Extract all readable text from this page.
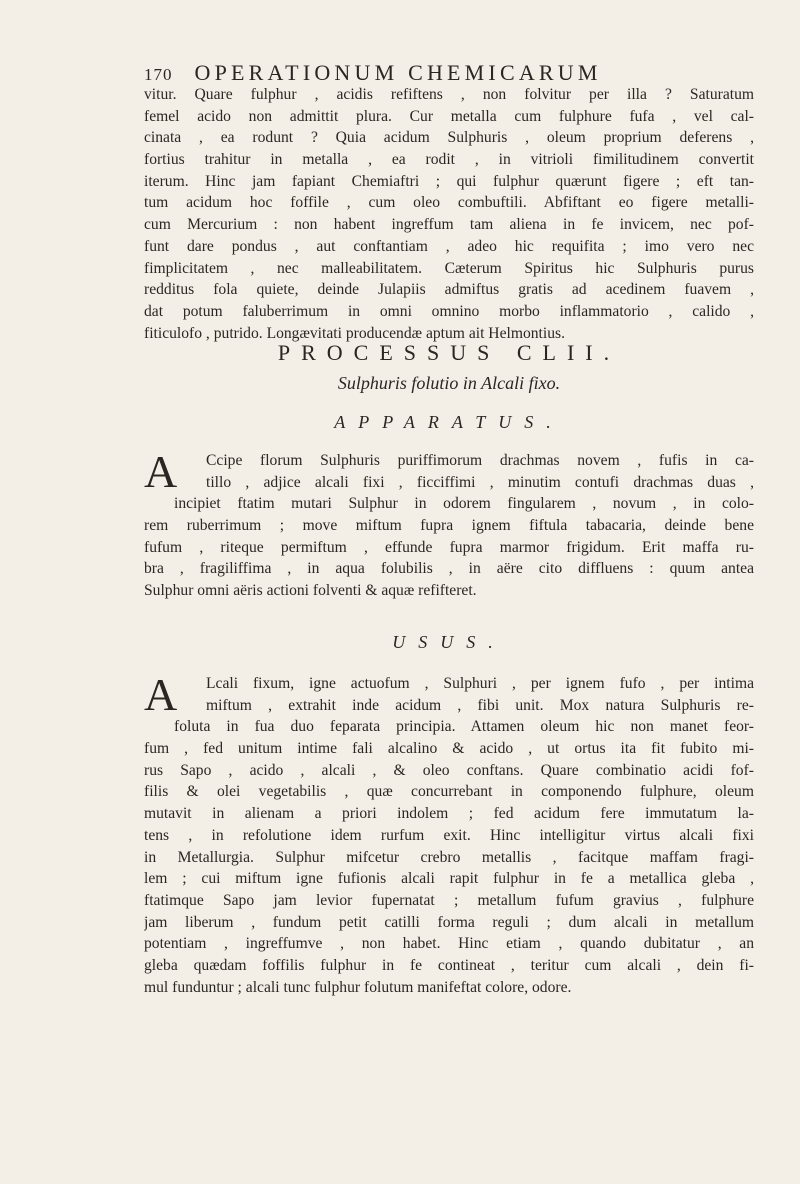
170 OPERATIONUM CHEMICARUM
vitur. Quare fulphur , acidis refiftens , non folvitur per illa ? Saturatum
femel acido non admittit plura. Cur metalla cum fulphure fufa , vel cal-
cinata , ea rodunt ? Quia acidum Sulphuris , oleum proprium deferens ,
fortius trahitur in metalla , ea rodit , in vitrioli fimilitudinem convertit
iterum. Hinc jam fapiant Chemiaftri ; qui fulphur quærunt figere ; eft tan-
tum acidum hoc foffile , cum oleo combuftili. Abfiftant eo figere metalli-
cum Mercurium : non habent ingreffum tam aliena in fe invicem, nec pof-
funt dare pondus , aut conftantiam , adeo hic requifita ; imo vero nec
fimplicitatem , nec malleabilitatem. Cæterum Spiritus hic Sulphuris purus
redditus fola quiete, deinde Julapiis admiftus gratis ad acedinem fuavem ,
dat potum faluberrimum in omni omnino morbo inflammatorio , calido ,
fiticulofo , putrido. Longævitati producendæ aptum ait Helmontius.
PROCESSUS CLII.
Sulphuris folutio in Alcali fixo.
APPARATUS.
A	Ccipe florum Sulphuris puriffimorum drachmas novem , fufis in ca-
tillo , adjice alcali fixi , ficciffimi , minutim contufi drachmas duas ,
incipiet ftatim mutari Sulphur in odorem fingularem , novum , in colo-
rem ruberrimum ; move miftum fupra ignem fiftula tabacaria, deinde bene
fufum , riteque permiftum , effunde fupra marmor frigidum. Erit maffa ru-
bra , fragiliffima , in aqua folubilis , in aëre cito diffluens : quum antea
Sulphur omni aëris actioni folventi & aquæ refifteret.
USUS.
A	Lcali fixum, igne actuofum , Sulphuri , per ignem fufo , per intima
miftum , extrahit inde acidum , fibi unit. Mox natura Sulphuris re-
foluta in fua duo feparata principia. Attamen oleum hic non manet feor-
fum , fed unitum intime fali alcalino & acido , ut ortus ita fit fubito mi-
rus Sapo , acido , alcali , & oleo conftans. Quare combinatio acidi fof-
filis & olei vegetabilis , quæ concurrebant in componendo fulphure, oleum
mutavit in alienam a priori indolem ; fed acidum fere immutatum la-
tens , in refolutione idem rurfum exit. Hinc intelligitur virtus alcali fixi
in Metallurgia. Sulphur mifcetur crebro metallis , facitque maffam fragi-
lem ; cui miftum igne fufionis alcali rapit fulphur in fe a metallica gleba ,
ftatimque Sapo jam levior fupernatat ; metallum fufum gravius , fulphure
jam liberum , fundum petit catilli forma reguli ; dum alcali in metallum
potentiam , ingreffumve , non habet. Hinc etiam , quando dubitatur , an
gleba quædam foffilis fulphur in fe contineat , teritur cum alcali , dein fi-
mul funduntur ; alcali tunc fulphur folutum manifeftat colore, odore.
